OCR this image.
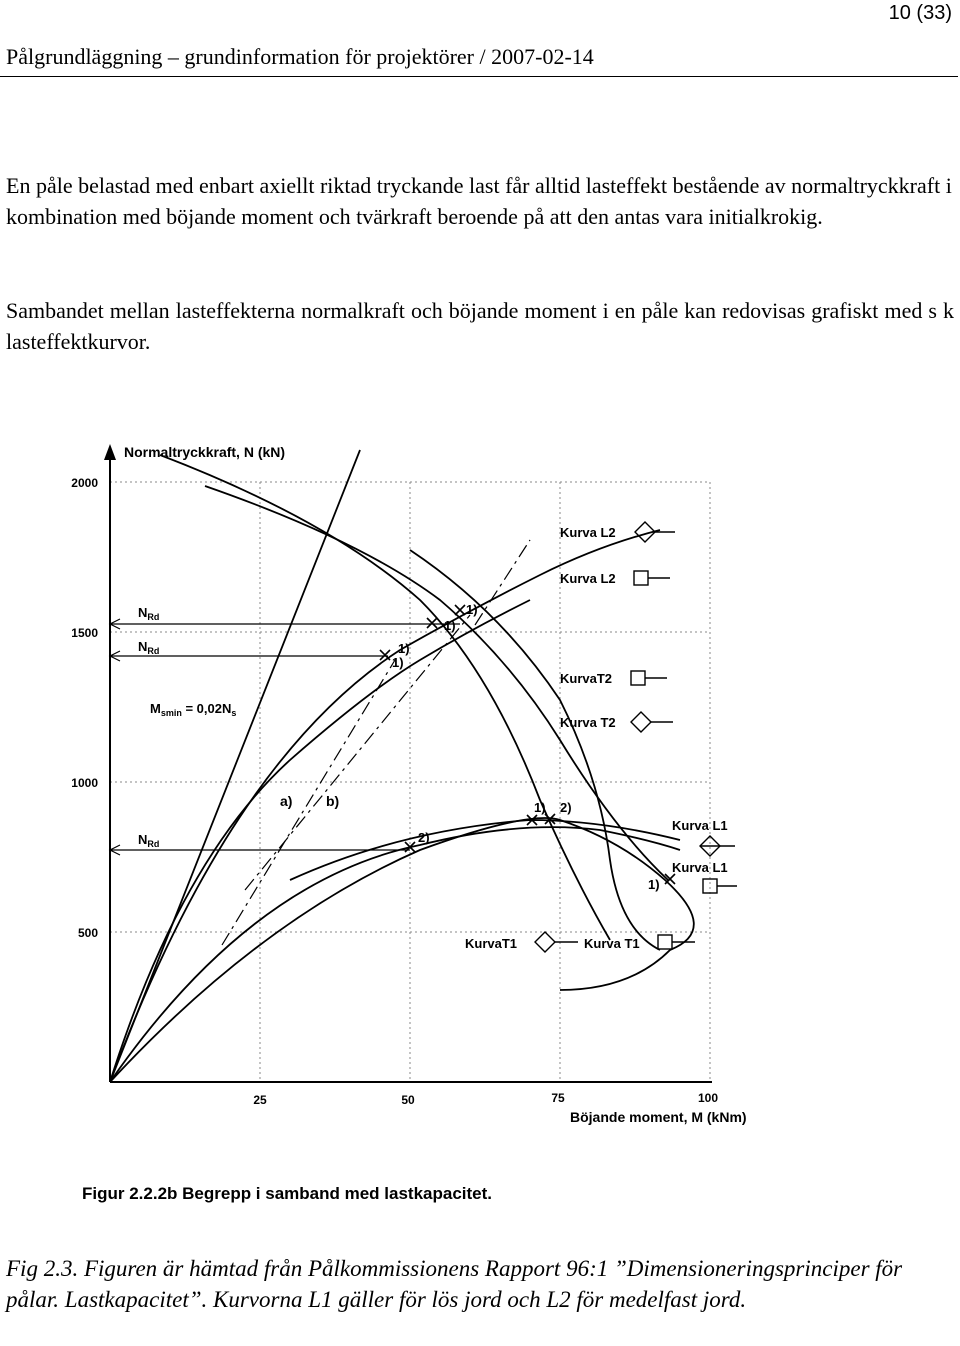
10 (33)
Pålgrundläggning – grundinformation för projektörer / 2007-02-14

En påle belastad med enbart axiellt riktad tryckande last får alltid lasteffekt bestående av normaltryckkraft i kombination med böjande moment och tvärkraft beroende på att den antas vara initialkrokig.

Sambandet mellan lasteffekterna normalkraft och böjande moment i en påle kan redovisas grafiskt med s k lasteffektkurvor.

2000
1500
1000
500
25	50	75	100
Normaltryckkraft, N (kN)
Böjande moment, M (kNm)
$N_{Rd}$
$N_{Rd}$
$N_{Rd}$
$M_{smin} = 0,02N_s$
a) b)
1)
1)
1)
1)
1) 2)
2)
1)
Kurva L2
Kurva L2
KurvaT2
Kurva T2
Kurva L1
Kurva L1
KurvaT1	Kurva T1
Figur 2.2.2b Begrepp i samband med lastkapacitet.

Fig 2.3. Figuren är hämtad från Pålkommissionens Rapport 96:1 ”Dimensioneringsprinciper för pålar. Lastkapacitet”. Kurvorna L1 gäller för lös jord och L2 för medelfast jord.
